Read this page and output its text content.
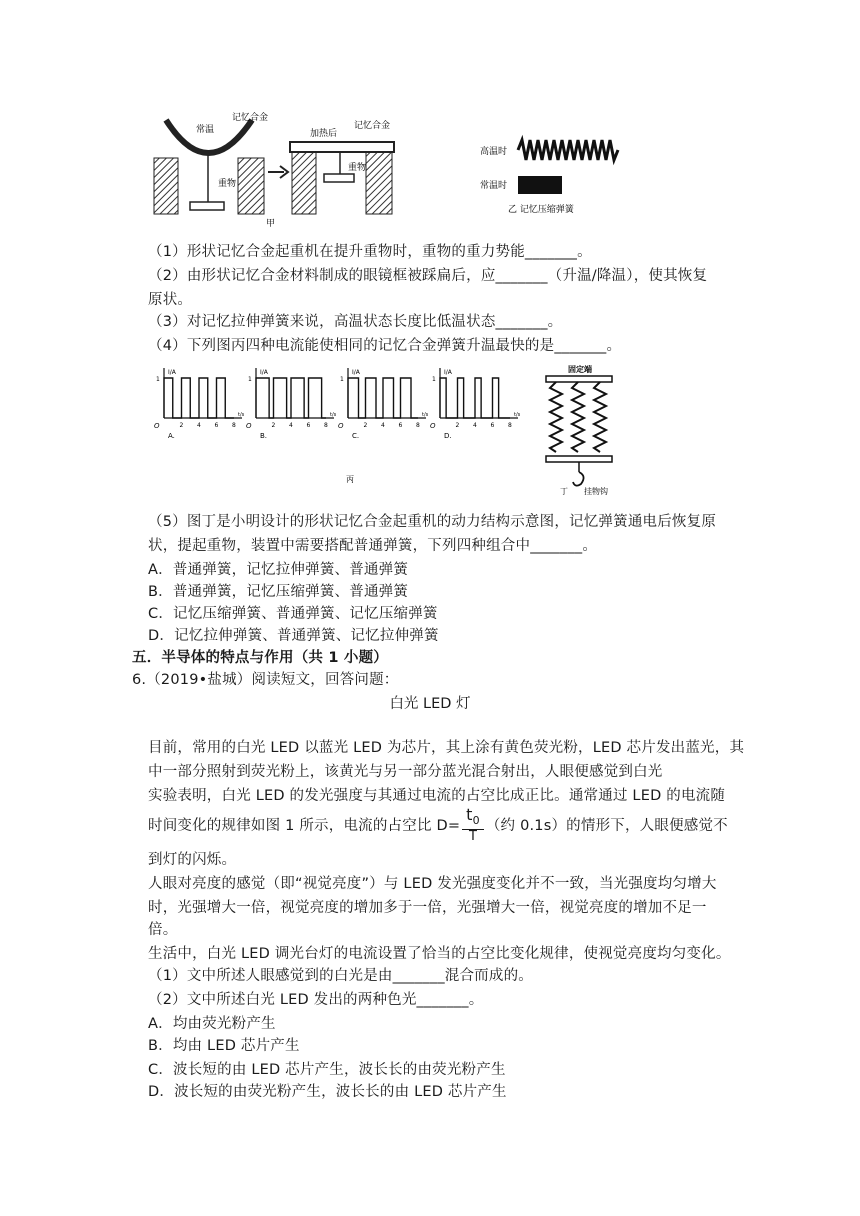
常温
记忆合金
重物
加热后
记忆合金
重物
甲
高温时
常温时
乙 记忆压缩弹簧
（1）形状记忆合金起重机在提升重物时，重物的重力势能_______。
（2）由形状记忆合金材料制成的眼镜框被踩扁后，应_______（升温/降温），使其恢复
原状。
（3）对记忆拉伸弹簧来说，高温状态长度比低温状态_______。
（4）下列图丙四种电流能使相同的记忆合金弹簧升温最快的是_______。
I/A
1
O	2 4 6 8
t/s
A.
I/A
1
O	2 4 6 8
t/s
B.
I/A
1
O	2 4 6 8
t/s
C.
I/A
1
O	2 4 6 8
t/s
D.
丙
固定端
丁 挂物钩
（5）图丁是小明设计的形状记忆合金起重机的动力结构示意图，记忆弹簧通电后恢复原
状，提起重物，装置中需要搭配普通弹簧，下列四种组合中_______。
A．普通弹簧，记忆拉伸弹簧、普通弹簧
B．普通弹簧，记忆压缩弹簧、普通弹簧
C．记忆压缩弹簧、普通弹簧、记忆压缩弹簧
D．记忆拉伸弹簧、普通弹簧、记忆拉伸弹簧
五．半导体的特点与作用（共 1 小题）
6.（2019•盐城）阅读短文，回答问题：
白光 LED 灯
目前，常用的白光 LED 以蓝光 LED 为芯片，其上涂有黄色荧光粉，LED 芯片发出蓝光，其
中一部分照射到荧光粉上，该黄光与另一部分蓝光混合射出，人眼便感觉到白光
实验表明，白光 LED 的发光强度与其通过电流的占空比成正比。通常通过 LED 的电流随
时间变化的规律如图 1 所示，电流的占空比 $D= \frac{t_0}{T}$ （约 0.1s）的情形下，人眼便感觉不
到灯的闪烁。
人眼对亮度的感觉（即“视觉亮度”）与 LED 发光强度变化并不一致，当光强度均匀增大
时，光强增大一倍，视觉亮度的增加多于一倍，光强增大一倍，视觉亮度的增加不足一
倍。
生活中，白光 LED 调光台灯的电流设置了恰当的占空比变化规律，使视觉亮度均匀变化。
（1）文中所述人眼感觉到的白光是由_______混合而成的。
（2）文中所述白光 LED 发出的两种色光_______。
A．均由荧光粉产生
B．均由 LED 芯片产生
C．波长短的由 LED 芯片产生，波长长的由荧光粉产生
D．波长短的由荧光粉产生，波长长的由 LED 芯片产生
